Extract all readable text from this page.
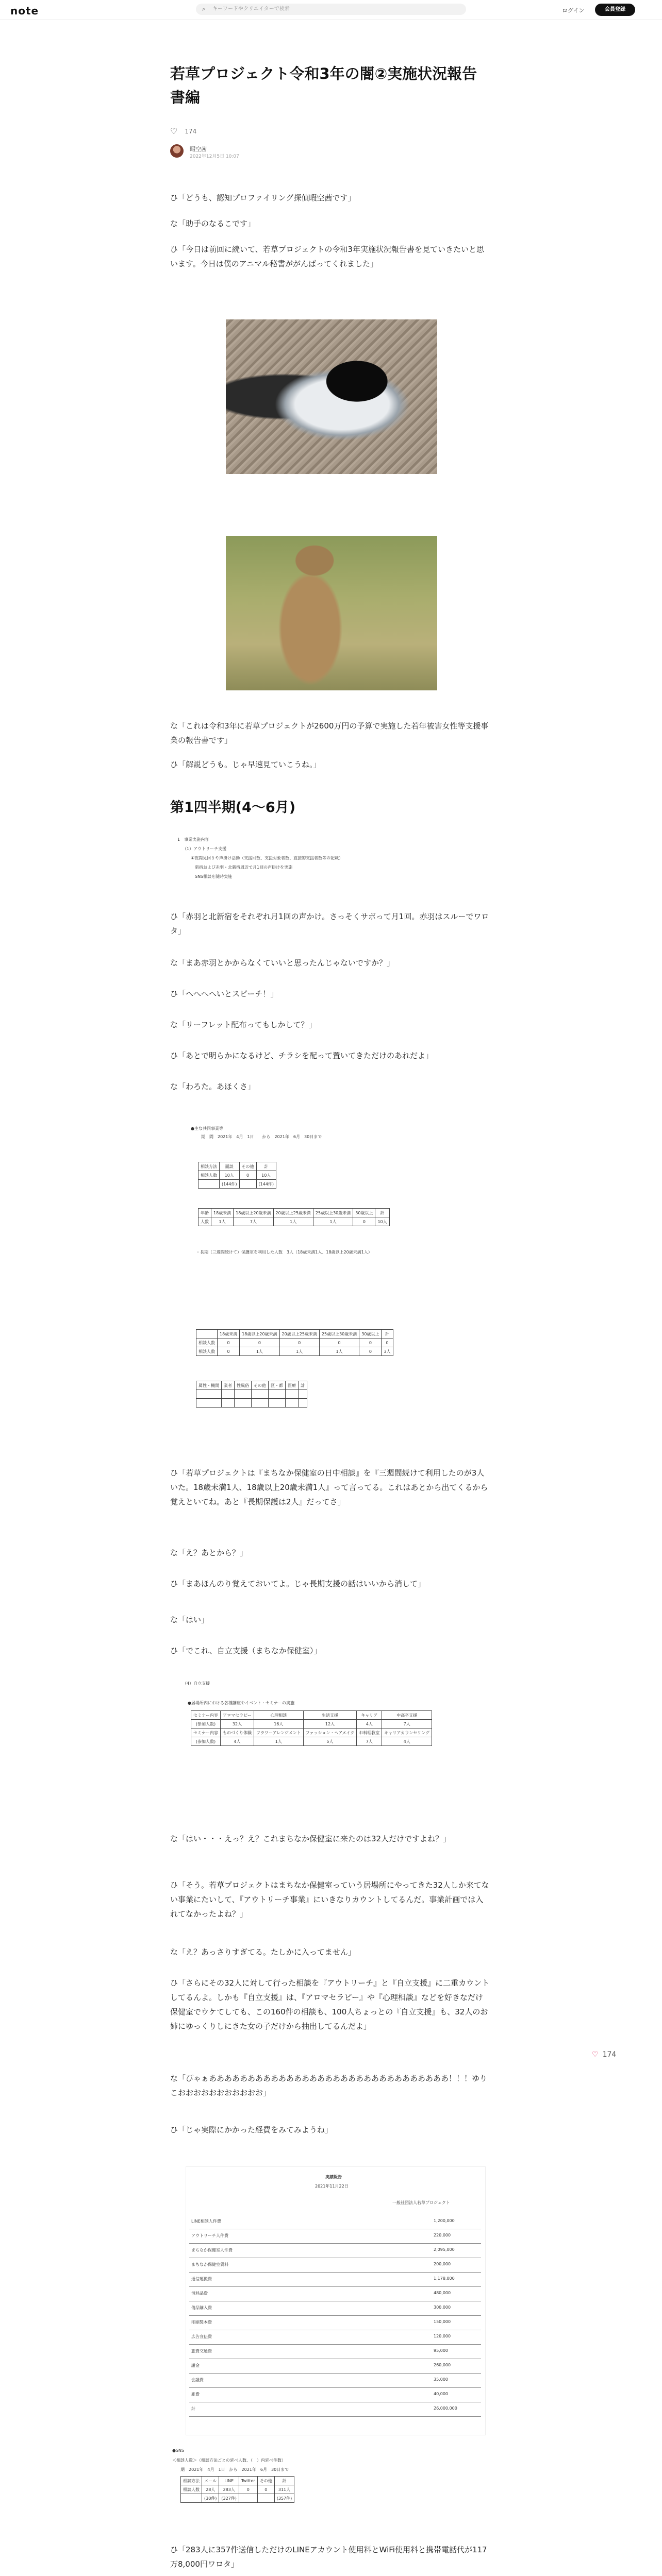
note	⌕ キーワードやクリエイターで検索	ログイン	会員登録
若草プロジェクト令和3年の闇②実施状況報告書編
♡ 174
暇空茜
2022年12月5日 10:07

ひ「どうも、認知プロファイリング探偵暇空茜です」

な「助手のなるこです」

ひ「今日は前回に続いて、若草プロジェクトの令和3年実施状況報告書を見ていきたいと思います。今日は僕のアニマル秘書ががんばってくれました」

な「これは令和3年に若草プロジェクトが2600万円の予算で実施した若年被害女性等支援事業の報告書です」

ひ「解説どうも。じゃ早速見ていこうね。」

第1四半期(4〜6月)
1　事業実施内容
（1）アウトリーチ支援
　　①夜間見回りや声掛け活動（支援回数、支援対象者数、直接的支援者数等の記載）
　　　新宿および赤羽・北新宿周辺で月1回の声掛けを実施
　　　SNS相談を随時実施

ひ「赤羽と北新宿をそれぞれ月1回の声かけ。さっそくサボって月1回。赤羽はスルーでワロタ」

な「まあ赤羽とかからなくていいと思ったんじゃないですか？」

ひ「へへへへいとスピーチ！」

な「リーフレット配布ってもしかして？」

ひ「あとで明らかになるけど、チラシを配って置いてきただけのあれだよ」

な「わろた。あほくさ」

●主な共同事業等
期　間　2021年　4月　1日　　から　2021年　6月　30日まで
相談方法	面談	その他	計
相談人数	10人	0	10人
	(144件)		(144件)
年齢	18歳未満	18歳以上20歳未満	20歳以上25歳未満	25歳以上30歳未満	30歳以上	計
人数	1人	7人	1人	1人	0	10人
・長期（三週間続けて）保護室を利用した人数　3人（18歳未満1人、18歳以上20歳未満1人）
	18歳未満	18歳以上20歳未満	20歳以上25歳未満	25歳以上30歳未満	30歳以上	計
相談人数	0	0	0	0	0	0
相談人数	0	1人	1人	1人	0	3人
属性・機関	業者	性風俗	その他	区・都	医療	計

ひ「若草プロジェクトは『まちなか保健室の日中相談』を『三週間続けて利用したのが3人いた。18歳未満1人、18歳以上20歳未満1人』って言ってる。これはあとから出てくるから覚えといてね。あと『長期保護は2人』だってさ」

な「え？あとから？」

ひ「まあほんのり覚えておいてよ。じゃ長期支援の話はいいから消して」

な「はい」

ひ「でこれ、自立支援（まちなか保健室）」

（4）自立支援
●居場所内における各種講座やイベント・セミナーの実施
セミナー内容	アロマセラピー	心理相談	生活支援	キャリア	中高卒支援
(参加人数)	32人	16人	12人	4人	7人
セミナー内容	ものづくり体験	フラワーアレンジメント	ファッション・ヘアメイク	お料理教室	キャリアカウンセリング
(参加人数)	4人	1人	5人	7人	4人
♡ 174

な「はい・・・えっ？え？これまちなか保健室に来たのは32人だけですよね？」

ひ「そう。若草プロジェクトはまちなか保健室っていう居場所にやってきた32人しか来てない事業にたいして、『アウトリーチ事業』にいきなりカウントしてるんだ。事業計画では入れてなかったよね？」

な「え？あっさりすぎてる。たしかに入ってません」

ひ「さらにその32人に対して行った相談を『アウトリーチ』と『自立支援』に二重カウントしてるんよ。しかも『自立支援』は、『アロマセラピー』や『心理相談』などを好きなだけ保健室でウケてしても、この160件の相談も、100人ちょっとの『自立支援』も、32人のお姉にゆっくりしにきた女の子だけから抽出してるんだよ」

な「ぴゃぁあああああああああああああああああああああああああああああああ！！！ゆりこおおおおおおおおおおお」

ひ「じゃ実際にかかった経費をみてみようね」

実績報告
2021年11月22日
一般社団法人若草プロジェクト
LINE相談人件費	1,200,000
アウトリーチ人件費	220,000
まちなか保健室人件費	2,095,000
まちなか保健室賃料	200,000
通信運搬費	1,178,000
消耗品費	480,000
備品購入費	300,000
印刷製本費	150,000
広告宣伝費	120,000
旅費交通費	95,000
謝金	260,000
会議費	35,000
雑費	40,000
計	26,000,000
●SNS
＜相談人数＞（相談方法ごとの延べ人数、（　）内延べ件数）
期　2021年　4月　1日　から　2021年　6月　30日まで
相談方法	メール	LINE	Twitter	その他	計
相談人数	28人	283人	0	0	311人
	(30件)	(327件)			(357件)

ひ「283人に357件送信しただけのLINEアカウント使用料とWiFi使用料と携帯電話代が117万8,000円ワロタ」
